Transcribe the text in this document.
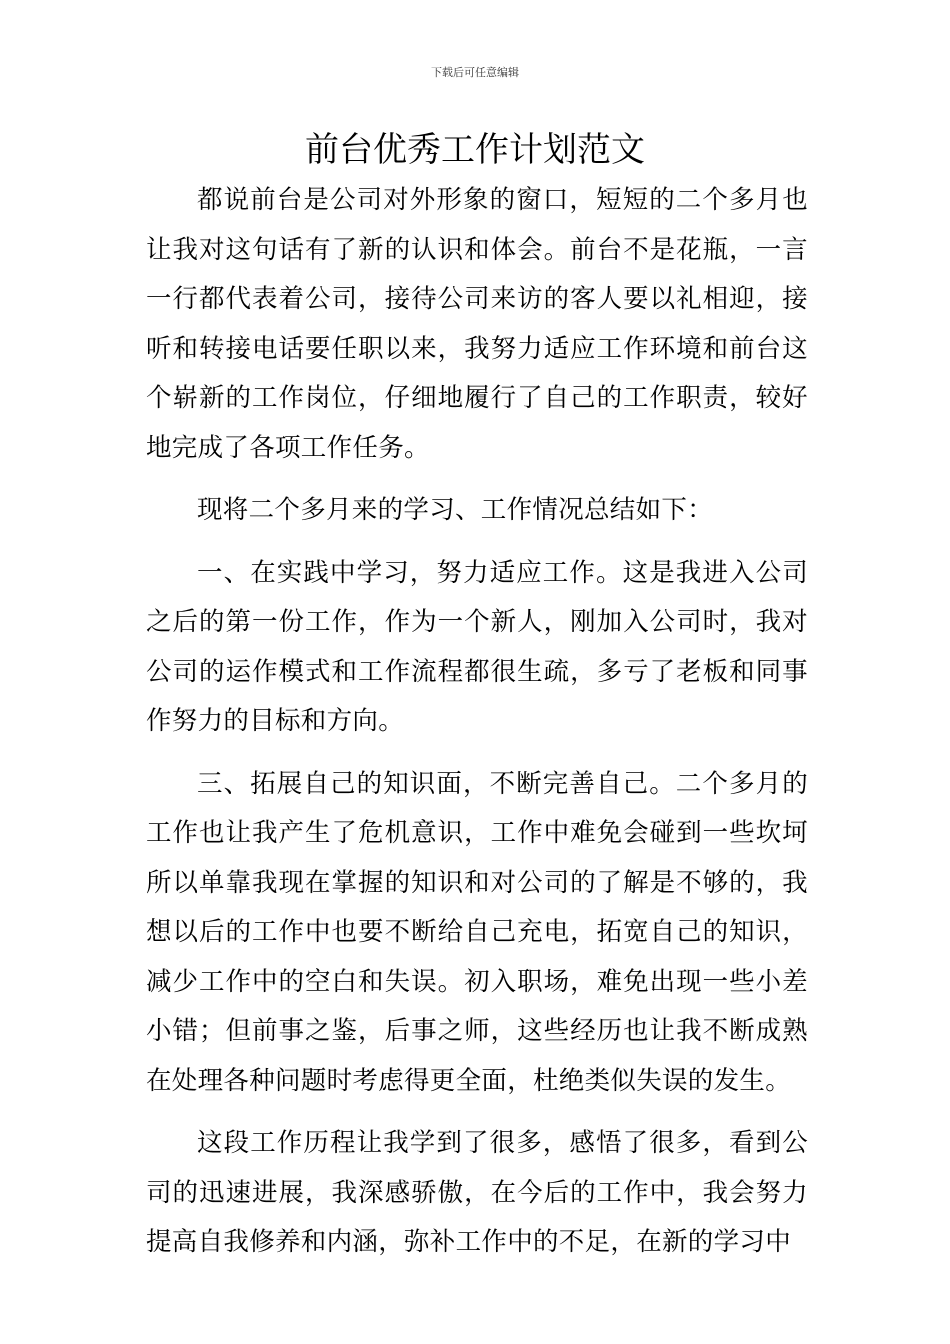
下载后可任意编辑
前台优秀工作计划范文

都说前台是公司对外形象的窗口，短短的二个多月也让我对这句话有了新的认识和体会。前台不是花瓶，一言一行都代表着公司，接待公司来访的客人要以礼相迎，接听和转接电话要任职以来，我努力适应工作环境和前台这个崭新的工作岗位，仔细地履行了自己的工作职责，较好地完成了各项工作任务。

现将二个多月来的学习、工作情况总结如下：

一、在实践中学习，努力适应工作。这是我进入公司之后的第一份工作，作为一个新人，刚加入公司时，我对公司的运作模式和工作流程都很生疏，多亏了老板和同事作努力的目标和方向。

三、拓展自己的知识面，不断完善自己。二个多月的工作也让我产生了危机意识，工作中难免会碰到一些坎坷所以单靠我现在掌握的知识和对公司的了解是不够的，我想以后的工作中也要不断给自己充电，拓宽自己的知识，减少工作中的空白和失误。初入职场，难免出现一些小差小错；但前事之鉴，后事之师，这些经历也让我不断成熟在处理各种问题时考虑得更全面，杜绝类似失误的发生。

这段工作历程让我学到了很多，感悟了很多，看到公司的迅速进展，我深感骄傲，在今后的工作中，我会努力提高自我修养和内涵，弥补工作中的不足，在新的学习中
